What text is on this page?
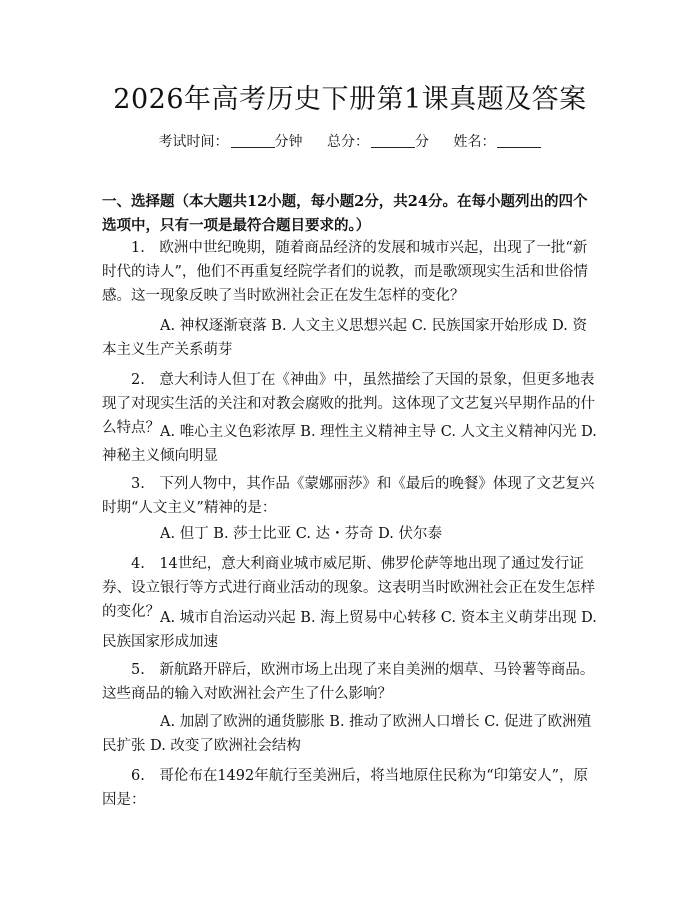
2026年高考历史下册第1课真题及答案
考试时间：	分钟 总分：	分 姓名：
一、选择题（本大题共12小题，每小题2分，共24分。在每小题列出的四个选项中，只有一项是最符合题目要求的。）
1.　欧洲中世纪晚期，随着商品经济的发展和城市兴起，出现了一批“新时代的诗人”，他们不再重复经院学者们的说教，而是歌颂现实生活和世俗情感。这一现象反映了当时欧洲社会正在发生怎样的变化？
A. 神权逐渐衰落 B. 人文主义思想兴起 C. 民族国家开始形成 D. 资本主义生产关系萌芽
2.　意大利诗人但丁在《神曲》中，虽然描绘了天国的景象，但更多地表现了对现实生活的关注和对教会腐败的批判。这体现了文艺复兴早期作品的什么特点？ A. 唯心主义色彩浓厚 B. 理性主义精神主导 C. 人文主义精神闪光 D. 神秘主义倾向明显
3.　下列人物中，其作品《蒙娜丽莎》和《最后的晚餐》体现了文艺复兴时期“人文主义”精神的是：
A. 但丁 B. 莎士比亚 C. 达・芬奇 D. 伏尔泰
4.　14世纪，意大利商业城市威尼斯、佛罗伦萨等地出现了通过发行证券、设立银行等方式进行商业活动的现象。这表明当时欧洲社会正在发生怎样的变化？ A. 城市自治运动兴起 B. 海上贸易中心转移 C. 资本主义萌芽出现 D. 民族国家形成加速
5.　新航路开辟后，欧洲市场上出现了来自美洲的烟草、马铃薯等商品。这些商品的输入对欧洲社会产生了什么影响？
A. 加剧了欧洲的通货膨胀 B. 推动了欧洲人口增长 C. 促进了欧洲殖民扩张 D. 改变了欧洲社会结构
6.　哥伦布在1492年航行至美洲后，将当地原住民称为“印第安人”，原因是：
